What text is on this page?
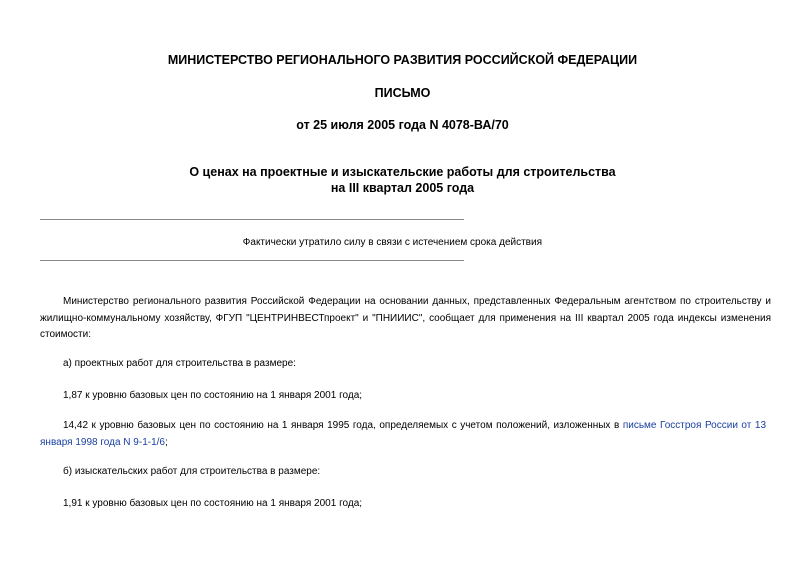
МИНИСТЕРСТВО РЕГИОНАЛЬНОГО РАЗВИТИЯ РОССИЙСКОЙ ФЕДЕРАЦИИ
ПИСЬМО
от 25 июля 2005 года N 4078-ВА/70
О ценах на проектные и изыскательские работы для строительства
на III квартал 2005 года
Фактически утратило силу в связи с истечением срока действия
Министерство регионального развития Российской Федерации на основании данных, представленных Федеральным агентством по строительству и жилищно-коммунальному хозяйству, ФГУП "ЦЕНТРИНВЕСТпроект" и "ПНИИИС", сообщает для применения на III квартал 2005 года индексы изменения стоимости:
а) проектных работ для строительства в размере:
1,87 к уровню базовых цен по состоянию на 1 января 2001 года;
14,42 к уровню базовых цен по состоянию на 1 января 1995 года, определяемых с учетом положений, изложенных в письме Госстроя России от 13 января 1998 года N 9-1-1/6;
б) изыскательских работ для строительства в размере:
1,91 к уровню базовых цен по состоянию на 1 января 2001 года;
